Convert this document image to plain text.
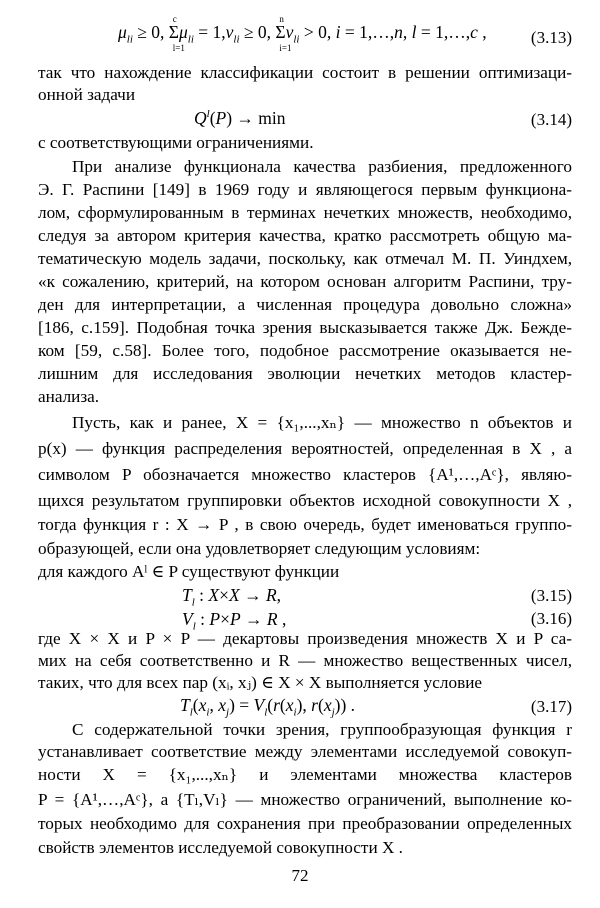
$\mu_{li} \ge 0$,
c
Σ
l=1
$\mu_{li} = 1,\nu_{li} \ge 0$,
n
Σ
i=1
$\nu_{li} > 0$, i = 1,…,n, l = 1,…,c ,	(3.13)
так что нахождение классификации состоит в решении оптимизаци-
онной задачи
$Q^l(P) \to \min$	(3.14)
с соответствующими ограничениями.
При анализе функционала качества разбиения, предложенного
Э. Г. Распини [149] в 1969 году и являющегося первым функциона-
лом, сформулированным в терминах нечетких множеств, необходимо,
следуя за автором критерия качества, кратко рассмотреть общую ма-
тематическую модель задачи, поскольку, как отмечал М. П. Уиндхем,
«к сожалению, критерий, на котором основан алгоритм Распини, тру-
ден для интерпретации, а численная процедура довольно сложна»
[186, с.159]. Подобная точка зрения высказывается также Дж. Бежде-
ком [59, с.58]. Более того, подобное рассмотрение оказывается не-
лишним для исследования эволюции нечетких методов кластер-
анализа.
Пусть, как и ранее, X = {x₁,...,xₙ} — множество n объектов и
p(x) — функция распределения вероятностей, определенная в X , а
символом P обозначается множество кластеров {A¹,…,Aᶜ}, являю-
щихся результатом группировки объектов исходной совокупности X ,
тогда функция r : X → P , в свою очередь, будет именоваться группо-
образующей, если она удовлетворяет следующим условиям:
для каждого Aˡ ∈ P существуют функции
$T_l$ : X×X → R,	(3.15)
$V_l$ : P×P → R ,	(3.16)
где X × X и P × P — декартовы произведения множеств X и P са-
мих на себя соответственно и R — множество вещественных чисел,
таких, что для всех пар (xᵢ, xⱼ) ∈ X × X выполняется условие
$T_l(x_i$, $x_j) = V_l(r(x_i)$, $r(x_j)$) .	(3.17)
С содержательной точки зрения, группообразующая функция r
устанавливает соответствие между элементами исследуемой совокуп-
ности X = {x₁,...,xₙ} и элементами множества кластеров
P = {A¹,…,Aᶜ}, а {Tₗ,Vₗ} — множество ограничений, выполнение ко-
торых необходимо для сохранения при преобразовании определенных
свойств элементов исследуемой совокупности X .
72
